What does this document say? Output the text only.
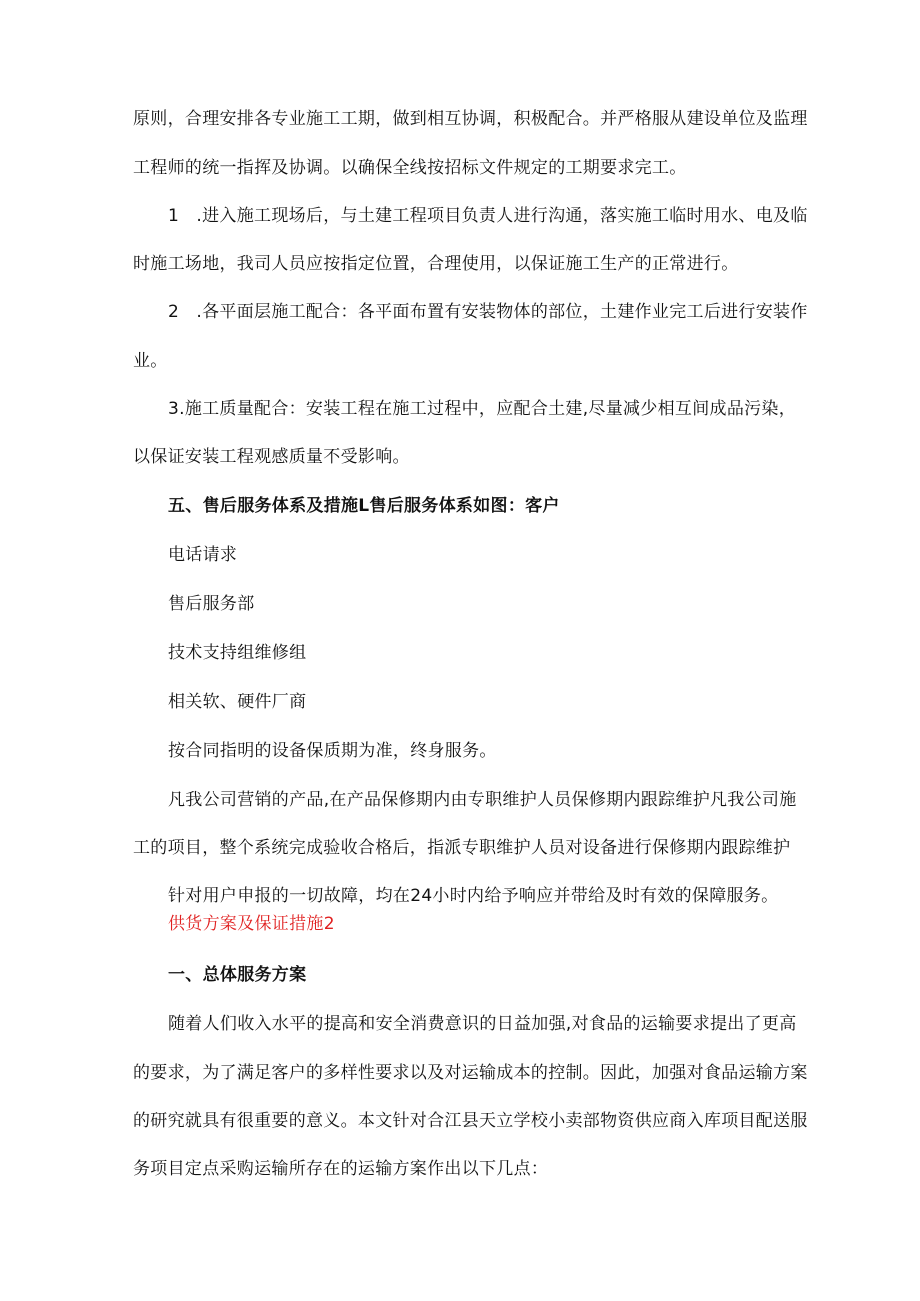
原则，合理安排各专业施工工期，做到相互协调，积极配合。并严格服从建设单位及监理
工程师的统一指挥及协调。以确保全线按招标文件规定的工期要求完工。
1　.进入施工现场后，与土建工程项目负责人进行沟通，落实施工临时用水、电及临
时施工场地，我司人员应按指定位置，合理使用，以保证施工生产的正常进行。
2　.各平面层施工配合：各平面布置有安装物体的部位，土建作业完工后进行安装作
业。
3.施工质量配合：安装工程在施工过程中，应配合土建,尽量减少相互间成品污染，
以保证安装工程观感质量不受影响。
五、售后服务体系及措施L售后服务体系如图：客户
电话请求
售后服务部
技术支持组维修组
相关软、硬件厂商
按合同指明的设备保质期为准，终身服务。
凡我公司营销的产品,在产品保修期内由专职维护人员保修期内跟踪维护凡我公司施
工的项目，整个系统完成验收合格后，指派专职维护人员对设备进行保修期内跟踪维护
针对用户申报的一切故障，均在24小时内给予响应并带给及时有效的保障服务。
供货方案及保证措施2
一、总体服务方案
随着人们收入水平的提高和安全消费意识的日益加强,对食品的运输要求提出了更高
的要求，为了满足客户的多样性要求以及对运输成本的控制。因此，加强对食品运输方案
的研究就具有很重要的意义。本文针对合江县天立学校小卖部物资供应商入库项目配送服
务项目定点采购运输所存在的运输方案作出以下几点：
